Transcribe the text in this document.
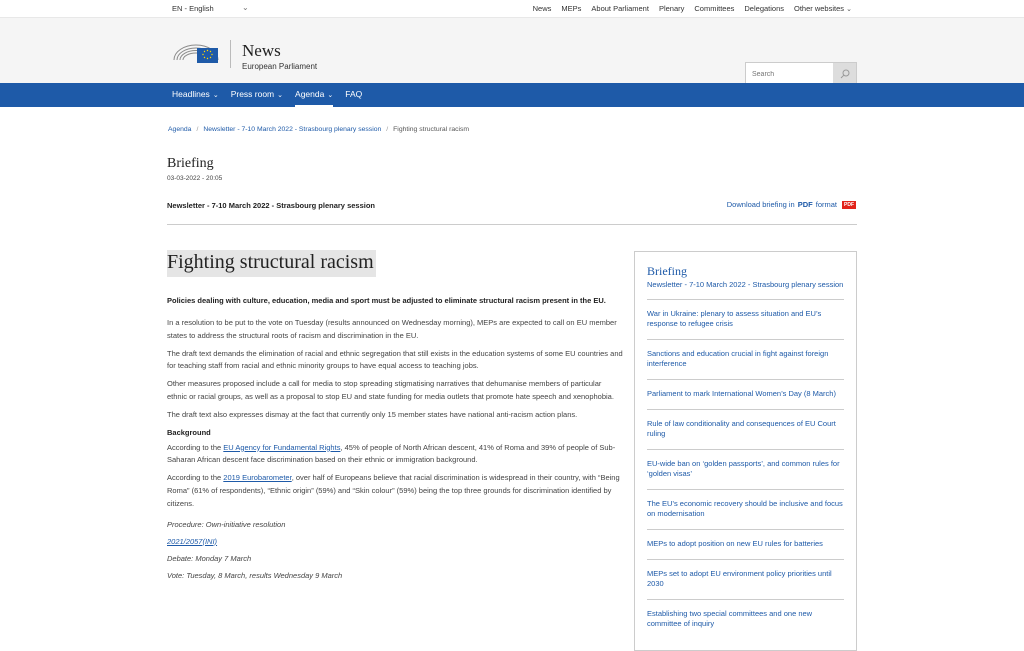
EN - English	⌄	News MEPs About Parliament Plenary Committees Delegations Other websites ⌄
News
European Parliament
Search
Headlines ⌄ Press room ⌄ Agenda ⌄ FAQ
Agenda / Newsletter - 7-10 March 2022 - Strasbourg plenary session / Fighting structural racism
Briefing
03-03-2022 - 20:05
Newsletter - 7-10 March 2022 - Strasbourg plenary session	Download briefing in PDF format	PDF
Fighting structural racism
Policies dealing with culture, education, media and sport must be adjusted to eliminate structural racism present in the EU.
In a resolution to be put to the vote on Tuesday (results announced on Wednesday morning), MEPs are expected to call on EU member states to address the structural roots of racism and discrimination in the EU.
The draft text demands the elimination of racial and ethnic segregation that still exists in the education systems of some EU countries and for teaching staff from racial and ethnic minority groups to have equal access to teaching jobs.
Other measures proposed include a call for media to stop spreading stigmatising narratives that dehumanise members of particular ethnic or racial groups, as well as a proposal to stop EU and state funding for media outlets that promote hate speech and xenophobia.
The draft text also expresses dismay at the fact that currently only 15 member states have national anti-racism action plans.
Background
According to the EU Agency for Fundamental Rights, 45% of people of North African descent, 41% of Roma and 39% of people of Sub-Saharan African descent face discrimination based on their ethnic or immigration background.
According to the 2019 Eurobarometer, over half of Europeans believe that racial discrimination is widespread in their country, with “Being Roma” (61% of respondents), “Ethnic origin” (59%) and “Skin colour” (59%) being the top three grounds for discrimination identified by citizens.
Procedure: Own-initiative resolution
2021/2057(INI)
Debate: Monday 7 March
Vote: Tuesday, 8 March, results Wednesday 9 March
Briefing
Newsletter - 7-10 March 2022 - Strasbourg plenary session
War in Ukraine: plenary to assess situation and EU’s response to refugee crisis
Sanctions and education crucial in fight against foreign interference
Parliament to mark International Women’s Day (8 March)
Rule of law conditionality and consequences of EU Court ruling
EU-wide ban on ‘golden passports’, and common rules for ‘golden visas’
The EU’s economic recovery should be inclusive and focus on modernisation
MEPs to adopt position on new EU rules for batteries
MEPs set to adopt EU environment policy priorities until 2030
Establishing two special committees and one new committee of inquiry
